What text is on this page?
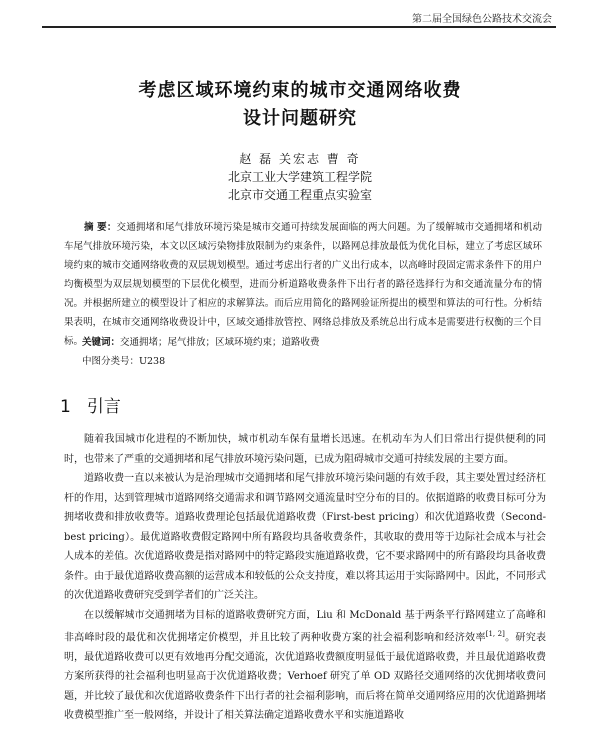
第二届全国绿色公路技术交流会
考虑区域环境约束的城市交通网络收费
设计问题研究
赵 磊 关宏志 曹 奇
北京工业大学建筑工程学院
北京市交通工程重点实验室
摘 要：交通拥堵和尾气排放环境污染是城市交通可持续发展面临的两大问题。为了缓解城市交通拥堵和机动车尾气排放环境污染，本文以区域污染物排放限制为约束条件，以路网总排放最低为优化目标，建立了考虑区域环境约束的城市交通网络收费的双层规划模型。通过考虑出行者的广义出行成本，以高峰时段固定需求条件下的用户均衡模型为双层规划模型的下层优化模型，进而分析道路收费条件下出行者的路径选择行为和交通流量分布的情况。并根据所建立的模型设计了相应的求解算法。而后应用简化的路网验证所提出的模型和算法的可行性。分析结果表明，在城市交通网络收费设计中，区域交通排放管控、网络总排放及系统总出行成本是需要进行权衡的三个目标。
关键词：交通拥堵；尾气排放；区域环境约束；道路收费
中图分类号：U238
1 引言

随着我国城市化进程的不断加快，城市机动车保有量增长迅速。在机动车为人们日常出行提供便利的同时，也带来了严重的交通拥堵和尾气排放环境污染问题，已成为阻碍城市交通可持续发展的主要方面。

道路收费一直以来被认为是治理城市交通拥堵和尾气排放环境污染问题的有效手段，其主要处置过经济杠杆的作用，达到管理城市道路网络交通需求和调节路网交通流量时空分布的目的。依据道路的收费目标可分为拥堵收费和排放收费等。道路收费理论包括最优道路收费（First-best pricing）和次优道路收费（Second-best pricing）。最优道路收费假定路网中所有路段均具备收费条件，其收取的费用等于边际社会成本与社会人成本的差值。次优道路收费是指对路网中的特定路段实施道路收费，它不要求路网中的所有路段均具备收费条件。由于最优道路收费高额的运营成本和较低的公众支持度，难以将其运用于实际路网中。因此，不同形式的次优道路收费研究受到学者们的广泛关注。

在以缓解城市交通拥堵为目标的道路收费研究方面，Liu 和 McDonald 基于两条平行路网建立了高峰和非高峰时段的最优和次优拥堵定价模型，并且比较了两种收费方案的社会福利影响和经济效率[1, 2]。研究表明，最优道路收费可以更有效地再分配交通流，次优道路收费额度明显低于最优道路收费，并且最优道路收费方案所获得的社会福利也明显高于次优道路收费；Verhoef 研究了单 OD 双路径交通网络的次优拥堵收费问题，并比较了最优和次优道路收费条件下出行者的社会福利影响，而后将在简单交通网络应用的次优道路拥堵收费模型推广至一般网络，并设计了相关算法确定道路收费水平和实施道路收
